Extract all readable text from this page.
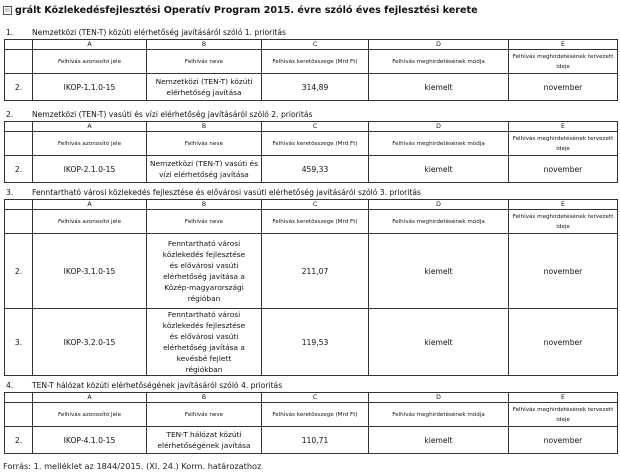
grált Közlekedésfejlesztési Operatív Program 2015. évre szóló éves fejlesztési kerete
1. Nemzetközi (TEN-T) közúti elérhetőség javításáról szóló 1. prioritás
	A	B	C	D	E
	Felhívás azonosító jele	Felhívás neve	Felhívás keretösszege (Mrd Ft)	Felhívás meghirdetésének módja	Felhívás meghirdetésének tervezett ideje
2.	IKOP-1.1.0-15	Nemzetközi (TEN-T) közúti elérhetőség javítása	314,89	kiemelt	november
2. Nemzetközi (TEN-T) vasúti és vízi elérhetőség javításáról szóló 2. prioritás
	A	B	C	D	E
	Felhívás azonosító jele	Felhívás neve	Felhívás keretösszege (Mrd Ft)	Felhívás meghirdetésének módja	Felhívás meghirdetésének tervezett ideje
2.	IKOP-2.1.0-15	Nemzetközi (TEN-T) vasúti és vízi elérhetőség javítása	459,33	kiemelt	november
3. Fenntartható városi közlekedés fejlesztése és elővárosi vasúti elérhetőség javításáról szóló 3. prioritás
	A	B	C	D	E
	Felhívás azonosító jele	Felhívás neve	Felhívás keretösszege (Mrd Ft)	Felhívás meghirdetésének módja	Felhívás meghirdetésének tervezett ideje
2.	IKOP-3.1.0-15	Fenntartható városi közlekedés fejlesztése és elővárosi vasúti elérhetőség javítása a Közép-magyarországi régióban	211,07	kiemelt	november
3.	IKOP-3.2.0-15	Fenntartható városi közlekedés fejlesztése és elővárosi vasúti elérhetőség javítása a kevésbé fejlett régiókban	119,53	kiemelt	november
4. TEN-T hálózat közúti elérhetőségének javításáról szóló 4. prioritás
	A	B	C	D	E
	Felhívás azonosító jele	Felhívás neve	Felhívás keretösszege (Mrd Ft)	Felhívás meghirdetésének módja	Felhívás meghirdetésének tervezett ideje
2.	IKOP-4.1.0-15	TEN-T hálózat közúti elérhetőségének javítása	110,71	kiemelt	november
Forrás: 1. melléklet az 1844/2015. (XI. 24.) Korm. határozathoz
